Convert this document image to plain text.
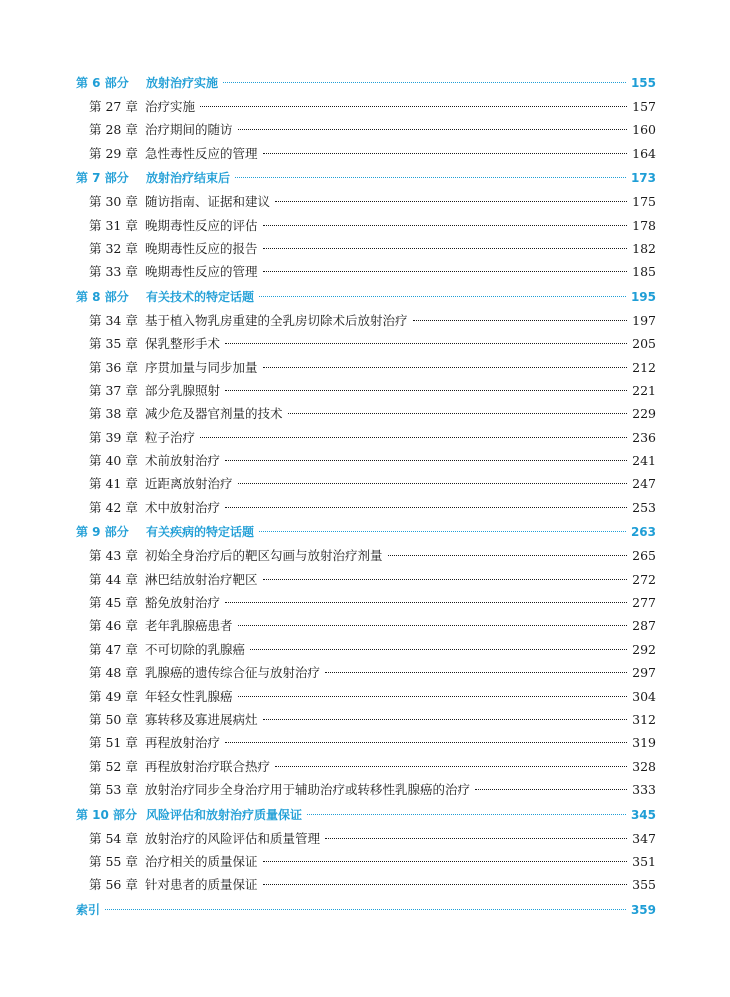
第 6 部分	放射治疗实施	155
第 27 章 治疗实施	157
第 28 章 治疗期间的随访	160
第 29 章 急性毒性反应的管理	164
第 7 部分	放射治疗结束后	173
第 30 章 随访指南、证据和建议	175
第 31 章 晚期毒性反应的评估	178
第 32 章 晚期毒性反应的报告	182
第 33 章 晚期毒性反应的管理	185
第 8 部分	有关技术的特定话题	195
第 34 章 基于植入物乳房重建的全乳房切除术后放射治疗	197
第 35 章 保乳整形手术	205
第 36 章 序贯加量与同步加量	212
第 37 章 部分乳腺照射	221
第 38 章 减少危及器官剂量的技术	229
第 39 章 粒子治疗	236
第 40 章 术前放射治疗	241
第 41 章 近距离放射治疗	247
第 42 章 术中放射治疗	253
第 9 部分	有关疾病的特定话题	263
第 43 章 初始全身治疗后的靶区勾画与放射治疗剂量	265
第 44 章 淋巴结放射治疗靶区	272
第 45 章 豁免放射治疗	277
第 46 章 老年乳腺癌患者	287
第 47 章 不可切除的乳腺癌	292
第 48 章 乳腺癌的遗传综合征与放射治疗	297
第 49 章 年轻女性乳腺癌	304
第 50 章 寡转移及寡进展病灶	312
第 51 章 再程放射治疗	319
第 52 章 再程放射治疗联合热疗	328
第 53 章 放射治疗同步全身治疗用于辅助治疗或转移性乳腺癌的治疗	333
第 10 部分 风险评估和放射治疗质量保证	345
第 54 章 放射治疗的风险评估和质量管理	347
第 55 章 治疗相关的质量保证	351
第 56 章 针对患者的质量保证	355
索引	359
